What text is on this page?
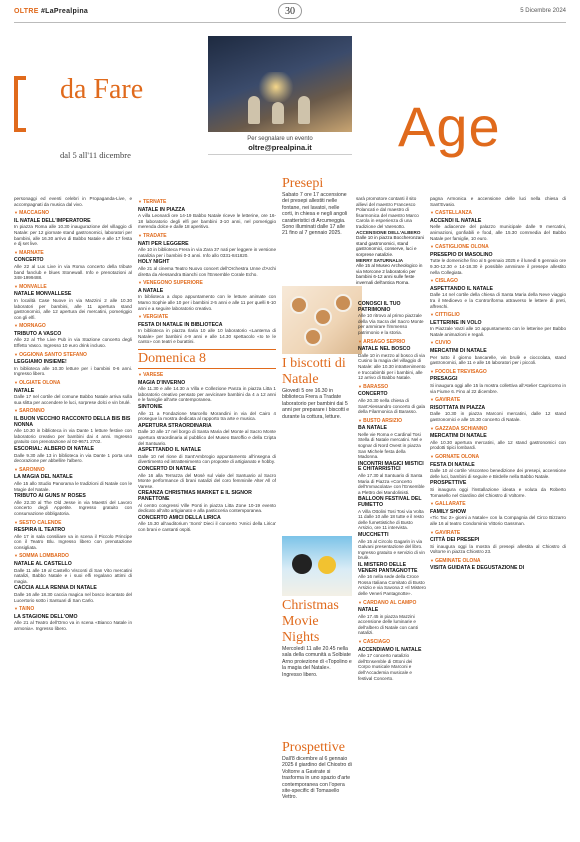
OLTRE #LaPrealpina	5 Dicembre 2024
30
da Fare
dal 5 all'11 dicembre
Per segnalare un evento
oltre@prealpina.it	Age

personaggi ed eventi celebri in Propaganda-Live, e accompagnati da musica dal vivo.

▼ MACCAGNO
IL NATALE DELL'IMPERATORE

In piazza Roma alle 10.30 inaugurazione del villaggio di Natale: per 12 giornate stand gastronomici, laboratori per bambini, alle 16.30 arrivo di Babbo Natale e alle 17 festa e dj set live.

▼ MARNATE
CONCERTO

Alle 22 al Lux Live in via Roma concerto della tribute band fanclub e blues Stonewall. Info e prenotazioni al 348-1999488.

▼ MONVALLE
NATALE MONVALLESE

In località Case Nuove in via Mazzini 2 alle 10.30 laboratori per bambini, alle 11 apertura stand gastronomici, alle 12 apertura dei mercatini, pomeriggio con gli elfi.

▼ MORNAGO
TRIBUTO A VASCO

Alle 22 al The Live Pub in via Stazione concerto degli Effetto Vasco. Ingresso 10 euro drink incluso.

▼ OGGIONA SANTO STEFANO
LEGGIAMO INSIEME!

In biblioteca alle 10.30 letture per i bambini 0-6 anni. Ingresso libero.

▼ OLGIATE OLONA
NATALE

Dalle 17 nel cortile del comune Babbo Natale arriva sulla sua slitta per accendere le luci, sorprese dolci e vin brulé.

▼ SARONNO
IL BUON VECCHIO RACCONTO DELLA BIS BIS NONNA

Alle 10.30 in biblioteca in via Dante 1 letture festive con laboratorio creativo per bambini dai 4 anni. Ingresso gratuito con prenotazione al 02-9671 2702.

ESCORIAL: ALBERO DI NATALE

Dalle 9.30 alle 13 in biblioteca in via Dante 1 porta una decorazione per abbellire l'albero.

▼ SARONNO
LA MAGIA DEL NATALE

Alle 15 allo Studio Panorama le tradizioni di Natale con le Magie del Natale.

TRIBUTO AI GUNS N' ROSES

Alle 22.30 al The Old Jesse in via Maestri del Lavoro concerto degli Appetite. Ingresso gratuito con consumazione obbligatoria.

▼ SESTO CALENDE
RESPIRA IL TEATRO

Alle 17 in sala consiliare va in scena il Piccolo Principe con il Teatro Blu. Ingresso libero con prenotazione consigliata.

▼ SOMMA LOMBARDO
NATALE AL CASTELLO

Dalle 11 alle 19 al Castello Visconti di San Vito mercatini natalizi, Babbo Natale e i suoi elfi regalano attimi di magia.

CACCIA ALLA RENNA DI NATALE

Dalle 16 alle 18.30 caccia magica nel bosco incantato del Lucertorio sotto i Santuari di San Carlo.

▼ TAINO
LA STAGIONE DELL'OMO

Alle 21 al Teatro dell'Omo va in scena «Bianco Natale in armonia». Ingresso libero.

▼ TERNATE
NATALE IN PIAZZA

A villa Leonardi ore 14-19 Babbo Natale riceve le letterine, ore 16-18 laboratorio degli elfi per bambini 3-10 anni, nel pomeriggio merenda dolce e dalle 18 aperitivo.

▼ TRADATE
NATI PER LEGGERE

Alle 10 in biblioteca Frera in via Zara 37 nati per leggere in versione natalizia per i bambini 0-3 anni. Info allo 0331-841820.

HOLY NIGHT

Alle 21 al cinema Teatro Nuovo concert dell'Orchestra Unne d'Archi diretta da Alessandra Bianchi con l'Ensemble Corale Echo.

▼ VENEGONO SUPERIORE
A NATALE

In biblioteca a dopo appuntamento con le letture animate con Mamo Sophie alle 10 per i bambini 2-5 anni e alle 11 per quelli 6-10 anni e a seguire laboratorio creativo.

▼ VERGIATE
FESTA DI NATALE IN BIBLIOTECA

In biblioteca in piazza Ilaria 10 alle 10 laboratorio «Lanterna di Natale» per bambini 4-9 anni e alle 14.30 spettacolo «Io te le canto» con teatri e burattini.

Domenica 8
▼ VARESE
MAGIA D'INVERNO

Alle 11.30 e alle 14.30 a Villa e Collezione Panza in piazza Litta 1 laboratorio creativo pensato per avvicinare bambini da 4 a 12 anni e le famiglie all'arte contemporanea.

SINTONIE

Alle 11 a Fondazione Marcello Morandini in via del Cairo 4 prosegue la mostra dedicata al rapporto tra arte e musica.

APERTURA STRAORDINARIA

Dalle 10 alle 17 nel borgo di Santa Maria del Monte al Sacro Monte apertura straordinaria al pubblico del Museo Baroffio e della Cripta del Santuario.

ASPETTANDO IL NATALE

Dalle 10 nel rione di Sant'Ambrogio appuntamento all'insegna di divertimento ed intrattenimento con proposte di artigianato e hobby.

CONCERTO DI NATALE

Alle 16 alla Terrazza del Mosè sul viale del Santuario al Sacro Monte performance di brani natalizi del coro femminile Alter All of Varese.

CREANZA CHRISTMAS MARKET E IL SIGNOR PANETTONE

Al centro congressi Ville Ponti in piazza Litta Zone 10-19 evento dedicato all'alto artigianato e alla pasticceria contemporanea.

CONCERTO AMICI DELLA LIRICA

Alle 15.30 all'auditorium 'Sonti' Dieci il concerto 'Amici della Lirica' con brani e cantanti ospiti.

Presepi

Sabato 7 ore 17 accensione dei presepi allestiti nelle fontane, nei lavatoi, nelle corti, in chiesa e negli angoli caratteristici di Arcumeggia. Sono illuminati dalle 17 alle 21 fino al 7 gennaio 2025.

sarà promotore contanti il sito allievi del maestro Francesco Polancati e dal maestro di fisarmonica del maestro Marco Carola in esperienza di una tradizione del Varesotto.

ACCENSIONE DELL'ALBERO

Dalle 10 in piazza Boccheronzani stand gastronomici, stand gastronomici, conserve, luci e sorprese natalizie.

MERRY SATURNALIA

Alle 15 al Museo Archeologico in via Morcone 2 laboratorio per bambini 6-12 anni sulle feste invernali dell'antica Roma.

I biscotti di Natale

Giovedì 5 ore 16.30 in biblioteca Frera a Tradate laboratorio per bambini dai 5 anni per preparare i biscotti e durante la cottura, letture.

Christmas Movie Nights

Mercoledì 11 alle 20.45 nella sala della comunità a Solbiate Arno proiezione di «Topolino e la magia del Natale». Ingresso libero.

Prospettive

Dall'8 dicembre al 6 gennaio 2025 il giardino del Chiostro di Voltorre a Gavirate si trasforma in uno spazio d'arte contemporanea con l'opera site-specific di Tomasello Vettro.

CONOSCI IL TUO PATRIMONIO

Alle 10 ritrovo al primo piazzale della Via Sacra del Sacro Monte per ammirare l'immenso patrimonio e la storia.

▼ ARSAGO SEPRIO
NATALE NEL BOSCO

Dalle 10 in mezzo al bosco di via Cusino la magia del villaggio di Natale: alle 10.30 intrattenimento e truccabimbi per i bambini, alle 12 arrivo di Babbo Natale.

▼ BARASSO
CONCERTO

Alle 20.30 nella chiesa di Sant'Alessandro concerto di gala della Filarmonica di Barasso.

▼ BUSTO ARSIZIO
BA NATALE

Nelle vie Roma e Cardinal Tosi Stella di Natale mercatini. Nel e sognar di Nord Ovest in piazza San Michele festa della Madonna.

INCONTRI MAGICI MISTICI E CHITARRISTICI

Alle 17.30 al Santuario di Santa Maria di Piazza «Concerto dell'Immacolata» con l'Ensemble a Plettro dei Mandolinisti.

BALLOON FESTIVAL DEL FUMETTO

A Villa Ottolini Tosi Tosi via Volta 11 dalle 10 alle 18 tutte e il resto delle fumettistiche di Busto Arsizio, ore 11 intervista.

MUCCHETTI

Alle 15 al Circolo Gagarin in via Galvani presentazione del libro. Ingresso gratuito e servizio di vin brulè.

IL MISTERO DELLE VENERI PANTAGNOTTE

Alle 16 nella sede della Croce Rossa Italiana Comitato di Busto Arsizio e via Savona 2 «Il Mistero delle Veneri Pantagnotte».

▼ CARDANO AL CAMPO
NATALE

Alle 17.45 in piazza Mazzini accensione delle luminarie e dell'albero di Natale con canti natalizi.

▼ CASCIAGO
ACCENDIAMO IL NATALE

Alle 17 concerto natalizio dell'Ensemble di Ottoni dei Corpo musicale Marconi e dell'Accademia musicale e festival Concerto.

pagna Armonica e accensione delle luci nella chiesa di Sant'Evasio.

▼ CASTELLANZA
ACCENDI IL NATALE

Nelle adiacenze del palazzo municipale dalle 9 mercatini, animazioni, gonfiabili e food, alle 15.30 commedia del Babbo Natale per famiglie, 10 euro.

▼ CASTIGLIONE OLONA
PRESEPIO DI MASOLINO

Tutte le domeniche fino al 5 gennaio 2025 e il lunedì 6 gennaio ore 9.30-12.30 e 14-18.30 è possibile ammirare il presepe allestito nella Collegiata.

▼ CISLAGO
ASPETTANDO IL NATALE

Dalle 14 nel cortile della chiesa di Santa Maria della Neve viaggio tra il Medioevo e la Controriforma attraverso le lettere di preti, affreschi.

▼ CITTIGLIO
LETTERINE IN VOLO

In Piazzale Varzi alle 10 appuntamento con le letterine per Babbo Natale animazioni e regali.

▼ CUVIO
MERCATINI DI NATALE

Per tutto il giorno bancarelle, vin brulè e cioccolata, stand gastronomici, alle 11 e alle 16 laboratori per i piccoli.

▼ FOCOLE TREVISAGO
PRESAGGI

Si inaugura oggi alle 15 la mostra collettiva all'Atelier Capricorno in via Fiume 6. Fino al 22 dicembre.

▼ GAVIRATE
RISOTTATA IN PIAZZA

Dalle 10.30 in piazza Marconi mercatini, dalle 12 stand gastronomici e alle 15.30 concerto di Natale.

▼ GAZZADA SCHIANNO
MERCATINI DI NATALE

Alle 10.30 apertura mercatini, alle 12 stand gastronomici con prodotti tipici lombardi.

▼ GORNATE OLONA
FESTA DI NATALE

Dalle 10 al cortile Visconteo benedizione dei presepi, accensione delle luci, bambini di seguire e Birdelle nella Babbo Natale.

PROSPETTIVE

Si inaugura oggi l'installazione ideata e voluta da Roberto Tomasello nel Giardino del Chiostro di Voltorre.

▼ GALLARATE
FAMILY SHOW

«Tic Tac 2» giorni a Natale» con la Compagnia del Circo Bizzarro alle 16 al teatro Condominio Vittorio Gassman.

▼ GAVIRATE
CITTÀ DEI PRESEPI

Si inaugura oggi la mostra di presepi allestita al Chiostro di Voltorre in piazza Chiostro 23.

▼ GEMINATE OLONA
VISITA GUIDATA E DEGUSTAZIONE DI
